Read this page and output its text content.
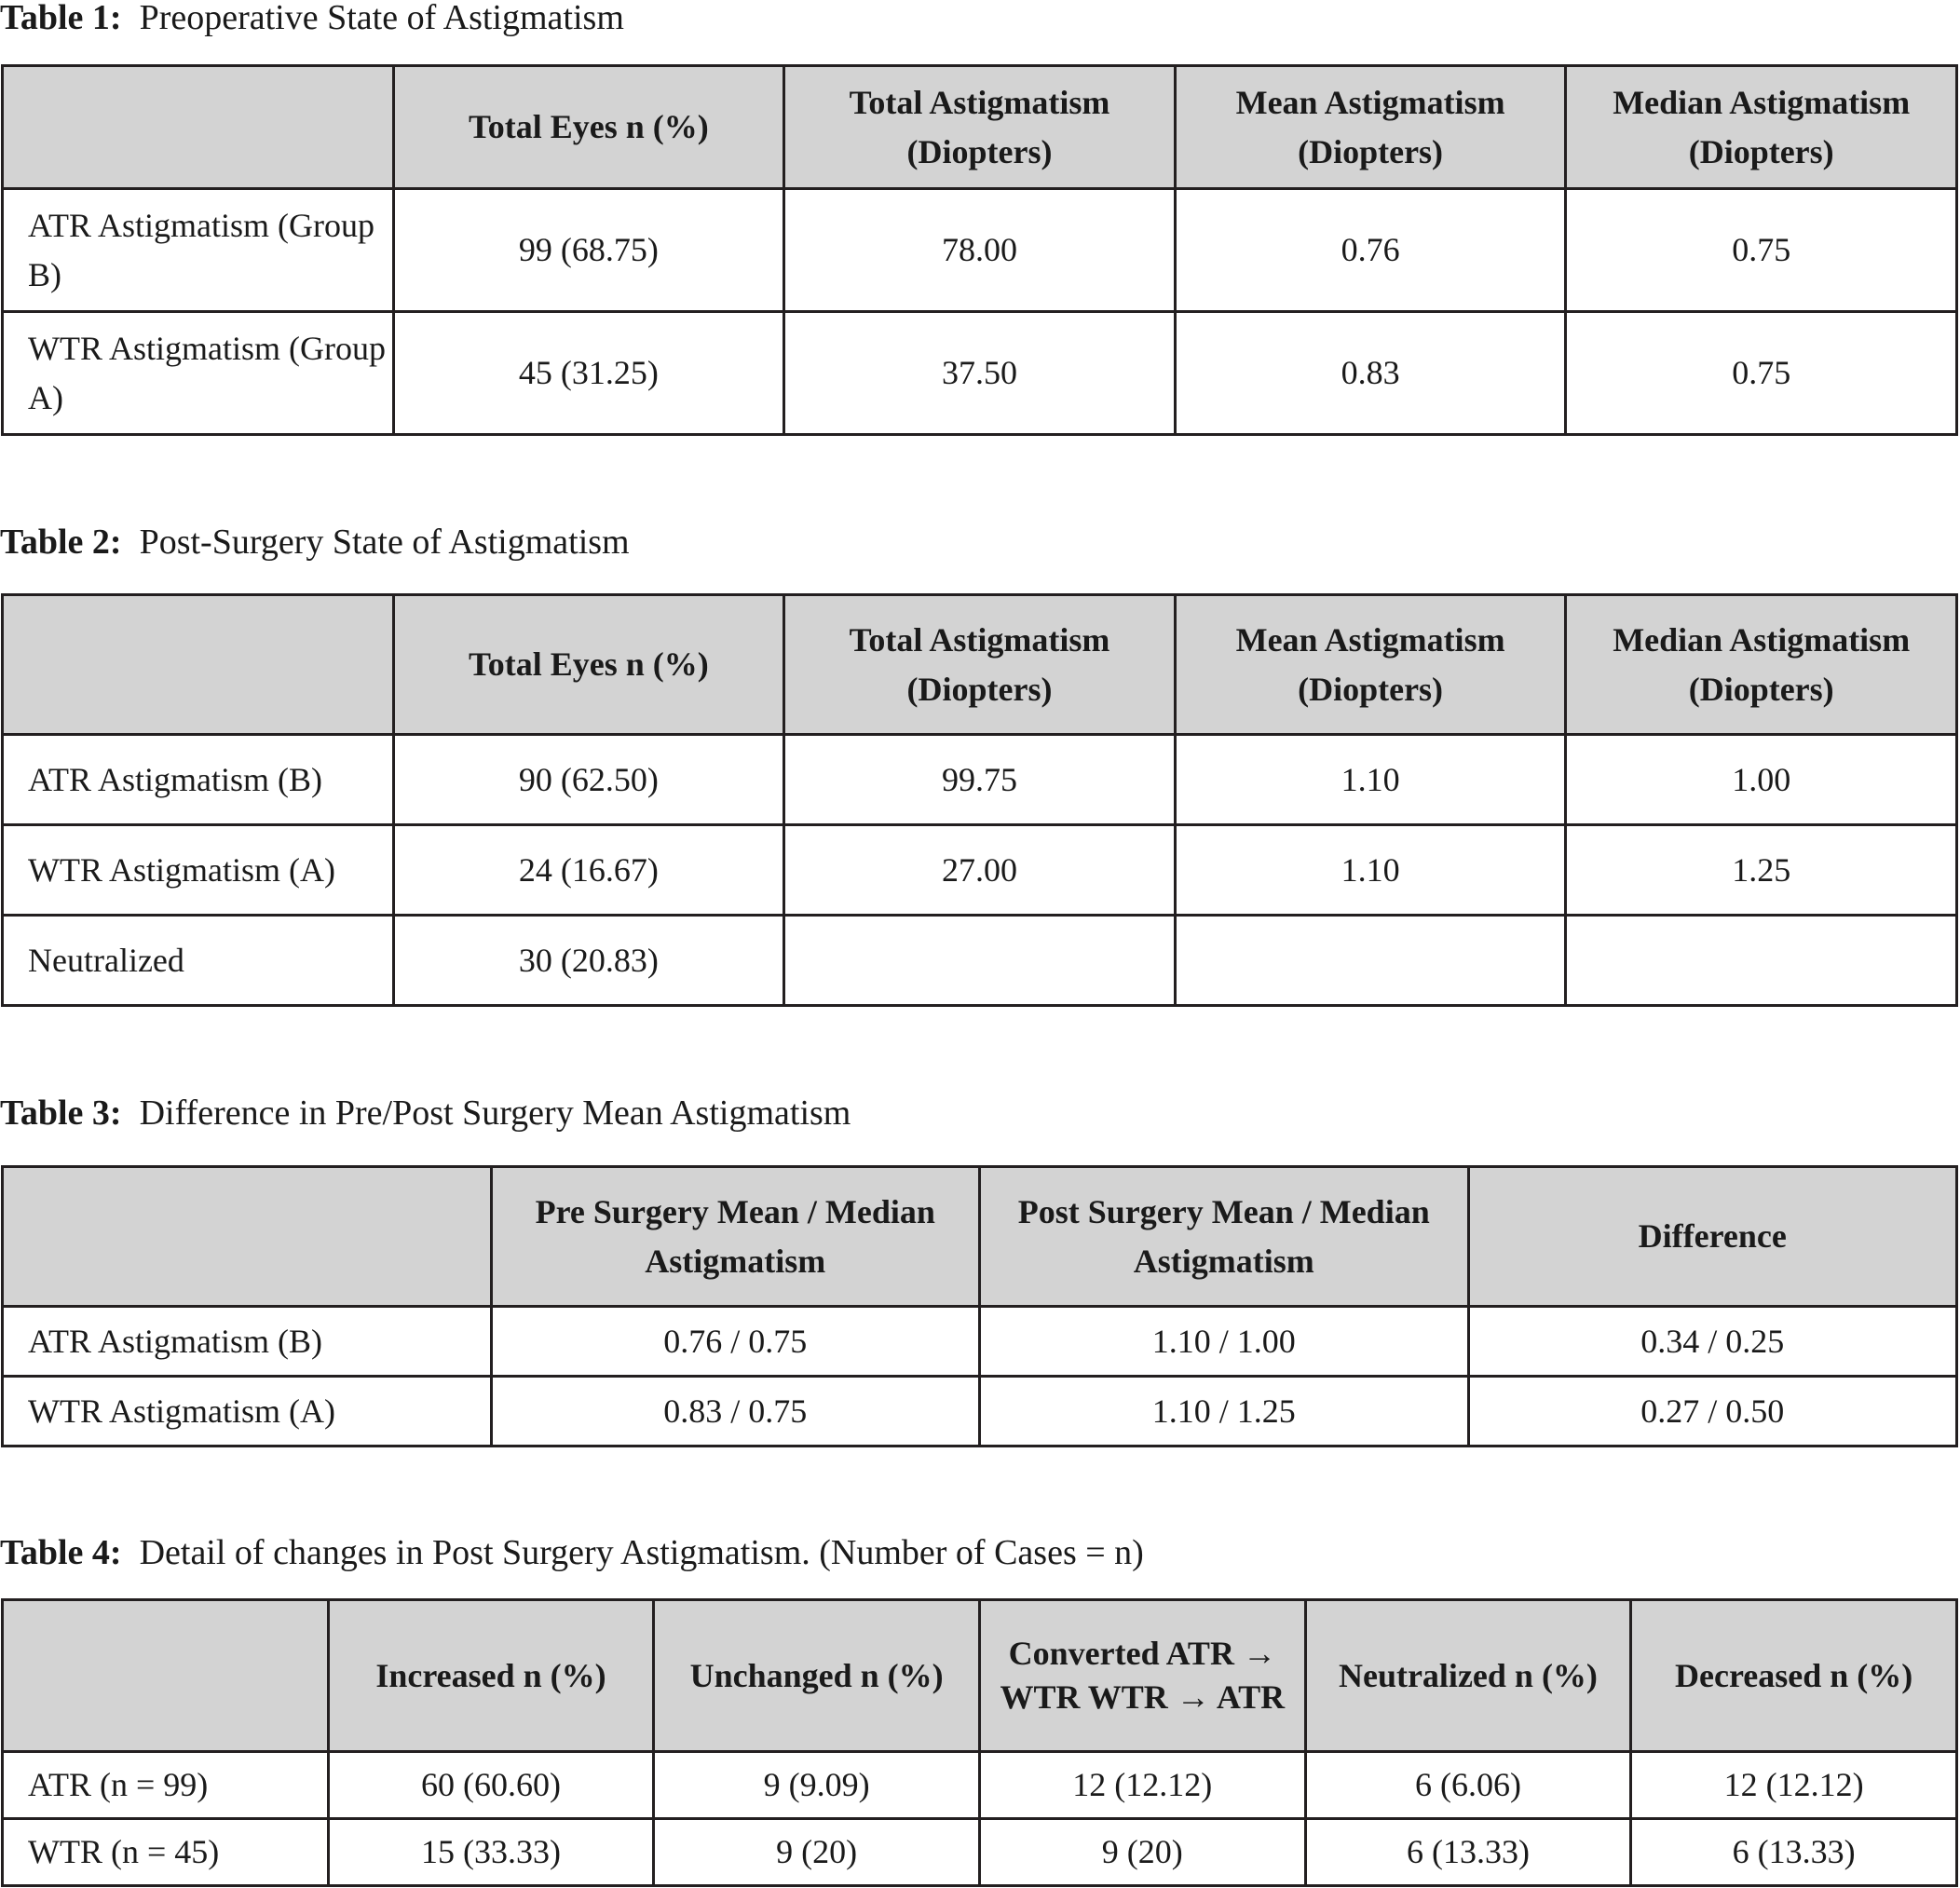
Table 1: Preoperative State of Astigmatism
	Total Eyes n (%)	Total Astigmatism (Diopters)	Mean Astigmatism (Diopters)	Median Astigmatism (Diopters)
ATR Astigmatism (Group B)	99 (68.75)	78.00	0.76	0.75
WTR Astigmatism (Group A)	45 (31.25)	37.50	0.83	0.75
Table 2: Post-Surgery State of Astigmatism
	Total Eyes n (%)	Total Astigmatism (Diopters)	Mean Astigmatism (Diopters)	Median Astigmatism (Diopters)
ATR Astigmatism (B)	90 (62.50)	99.75	1.10	1.00
WTR Astigmatism (A)	24 (16.67)	27.00	1.10	1.25
Neutralized	30 (20.83)			
Table 3: Difference in Pre/Post Surgery Mean Astigmatism
	Pre Surgery Mean / Median Astigmatism	Post Surgery Mean / Median Astigmatism	Difference
ATR Astigmatism (B)	0.76 / 0.75	1.10 / 1.00	0.34 / 0.25
WTR Astigmatism (A)	0.83 / 0.75	1.10 / 1.25	0.27 / 0.50
Table 4: Detail of changes in Post Surgery Astigmatism. (Number of Cases = n)
	Increased n (%)	Unchanged n (%)	Converted ATR → WTR WTR → ATR	Neutralized n (%)	Decreased n (%)
ATR (n = 99)	60 (60.60)	9 (9.09)	12 (12.12)	6 (6.06)	12 (12.12)
WTR (n = 45)	15 (33.33)	9 (20)	9 (20)	6 (13.33)	6 (13.33)
